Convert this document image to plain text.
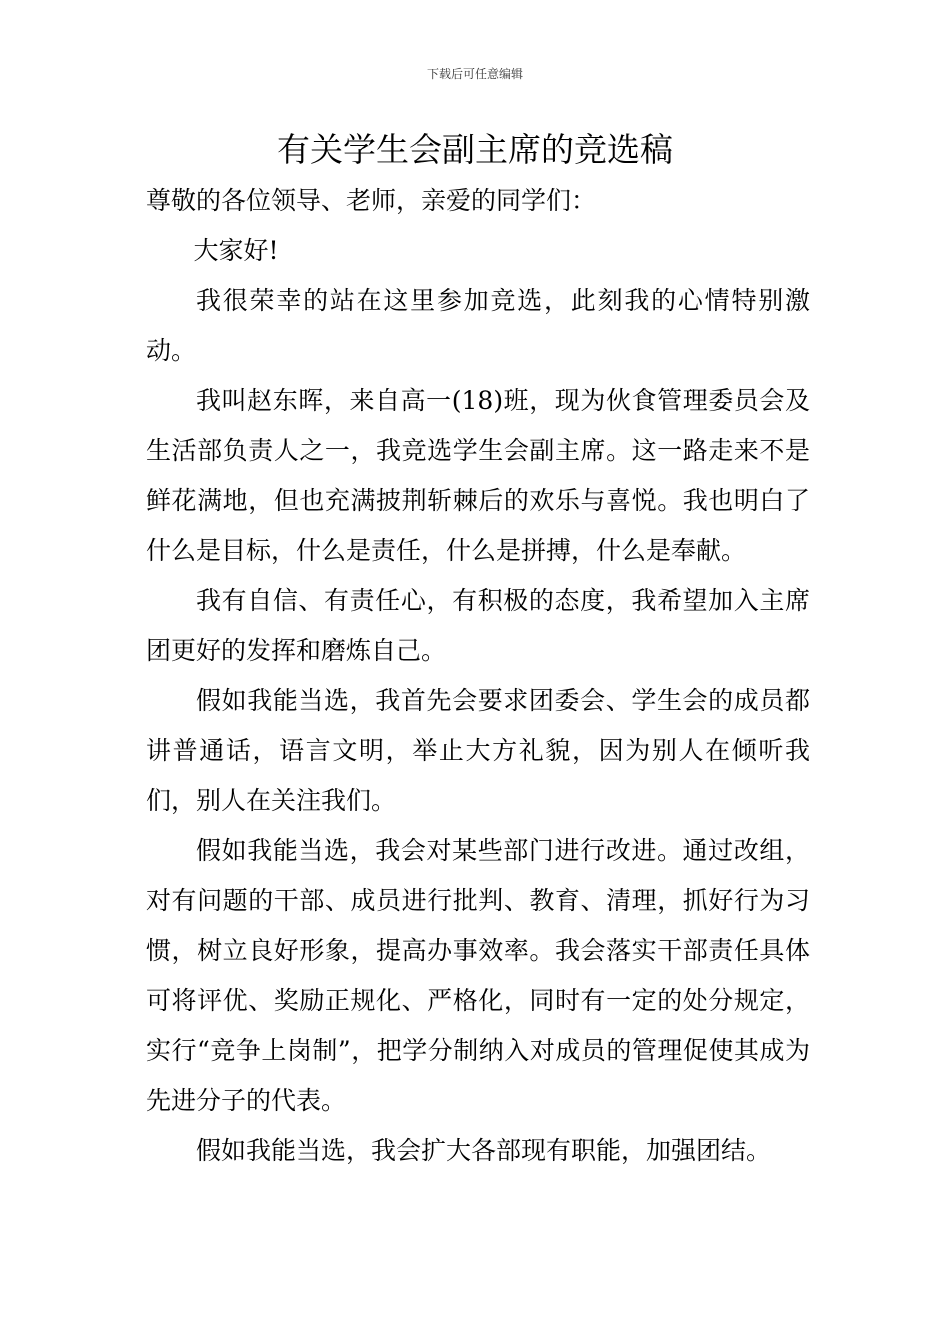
下载后可任意编辑
有关学生会副主席的竞选稿

尊敬的各位领导、老师，亲爱的同学们：

大家好!

我很荣幸的站在这里参加竞选，此刻我的心情特别激动。

我叫赵东晖，来自高一(18)班，现为伙食管理委员会及生活部负责人之一，我竞选学生会副主席。这一路走来不是鲜花满地，但也充满披荆斩棘后的欢乐与喜悦。我也明白了什么是目标，什么是责任，什么是拼搏，什么是奉献。

我有自信、有责任心，有积极的态度，我希望加入主席团更好的发挥和磨炼自己。

假如我能当选，我首先会要求团委会、学生会的成员都讲普通话，语言文明，举止大方礼貌，因为别人在倾听我们，别人在关注我们。

假如我能当选，我会对某些部门进行改进。通过改组，对有问题的干部、成员进行批判、教育、清理，抓好行为习惯，树立良好形象，提高办事效率。我会落实干部责任具体可将评优、奖励正规化、严格化，同时有一定的处分规定，实行“竞争上岗制”，把学分制纳入对成员的管理促使其成为先进分子的代表。

假如我能当选，我会扩大各部现有职能，加强团结。
